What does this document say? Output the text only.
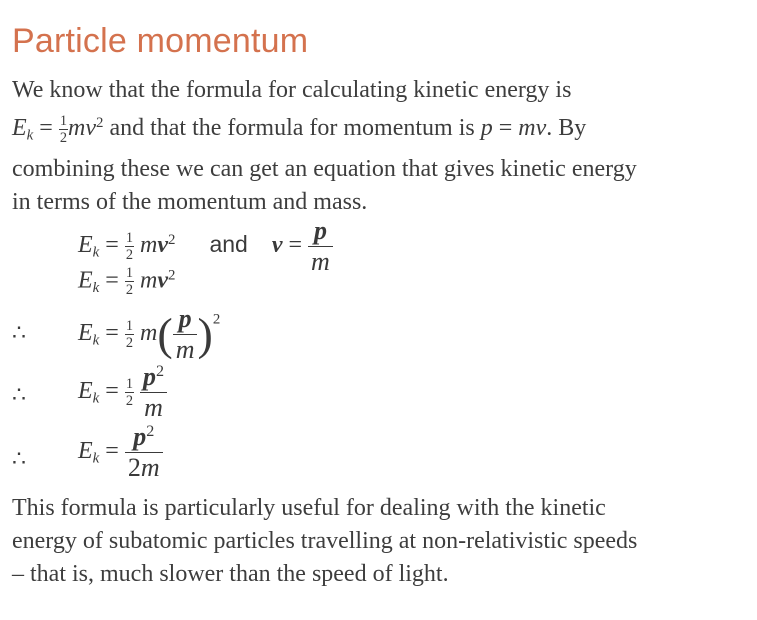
Particle momentum
We know that the formula for calculating kinetic energy is
$E_k = \frac{1}{2} mv^2$ and that the formula for momentum is p = mv. By
combining these we can get an equation that gives kinetic energy
in terms of the momentum and mass.
$E_k = \frac{1}{2} mv^2$ and $v = \frac{p}{m}$
$E_k = \frac{1}{2} mv^2$
∴ $E_k = \frac{1}{2} m( \frac{p}{m} )^2$
∴ $E_k = \frac{1}{2}$
$\frac{p^2}{m}$
∴ $E_k = \frac{p^2}{2m}$
This formula is particularly useful for dealing with the kinetic
energy of subatomic particles travelling at non-relativistic speeds
– that is, much slower than the speed of light.
